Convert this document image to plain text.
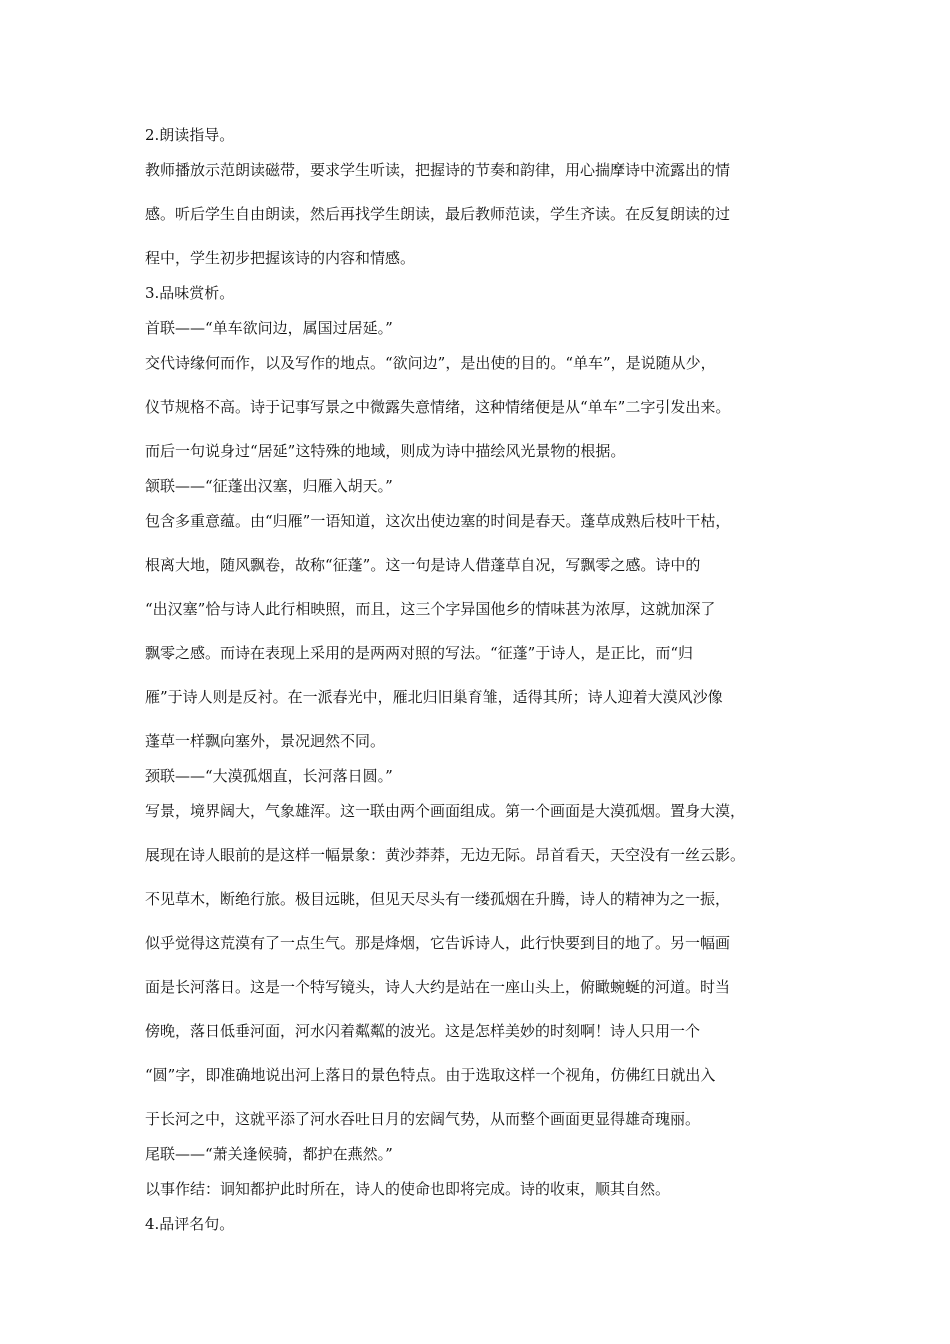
2.朗读指导。
教师播放示范朗读磁带，要求学生听读，把握诗的节奏和韵律，用心揣摩诗中流露出的情
感。听后学生自由朗读，然后再找学生朗读，最后教师范读，学生齐读。在反复朗读的过
程中，学生初步把握该诗的内容和情感。
3.品味赏析。
首联——“单车欲问边，属国过居延。”
交代诗缘何而作，以及写作的地点。“欲问边”，是出使的目的。“单车”，是说随从少，
仪节规格不高。诗于记事写景之中微露失意情绪，这种情绪便是从“单车”二字引发出来。
而后一句说身过“居延”这特殊的地域，则成为诗中描绘风光景物的根据。
颔联——“征蓬出汉塞，归雁入胡天。”
包含多重意蕴。由“归雁”一语知道，这次出使边塞的时间是春天。蓬草成熟后枝叶干枯，
根离大地，随风飘卷，故称“征蓬”。这一句是诗人借蓬草自况，写飘零之感。诗中的
“出汉塞”恰与诗人此行相映照，而且，这三个字异国他乡的情味甚为浓厚，这就加深了
飘零之感。而诗在表现上采用的是两两对照的写法。“征蓬”于诗人，是正比，而“归
雁”于诗人则是反衬。在一派春光中，雁北归旧巢育雏，适得其所；诗人迎着大漠风沙像
蓬草一样飘向塞外，景况迥然不同。
颈联——“大漠孤烟直，长河落日圆。”
写景，境界阔大，气象雄浑。这一联由两个画面组成。第一个画面是大漠孤烟。置身大漠，
展现在诗人眼前的是这样一幅景象：黄沙莽莽，无边无际。昂首看天，天空没有一丝云影。
不见草木，断绝行旅。极目远眺，但见天尽头有一缕孤烟在升腾，诗人的精神为之一振，
似乎觉得这荒漠有了一点生气。那是烽烟，它告诉诗人，此行快要到目的地了。另一幅画
面是长河落日。这是一个特写镜头，诗人大约是站在一座山头上，俯瞰蜿蜒的河道。时当
傍晚，落日低垂河面，河水闪着粼粼的波光。这是怎样美妙的时刻啊！诗人只用一个
“圆”字，即准确地说出河上落日的景色特点。由于选取这样一个视角，仿佛红日就出入
于长河之中，这就平添了河水吞吐日月的宏阔气势，从而整个画面更显得雄奇瑰丽。
尾联——“萧关逢候骑，都护在燕然。”
以事作结：诇知都护此时所在，诗人的使命也即将完成。诗的收束，顺其自然。
4.品评名句。
